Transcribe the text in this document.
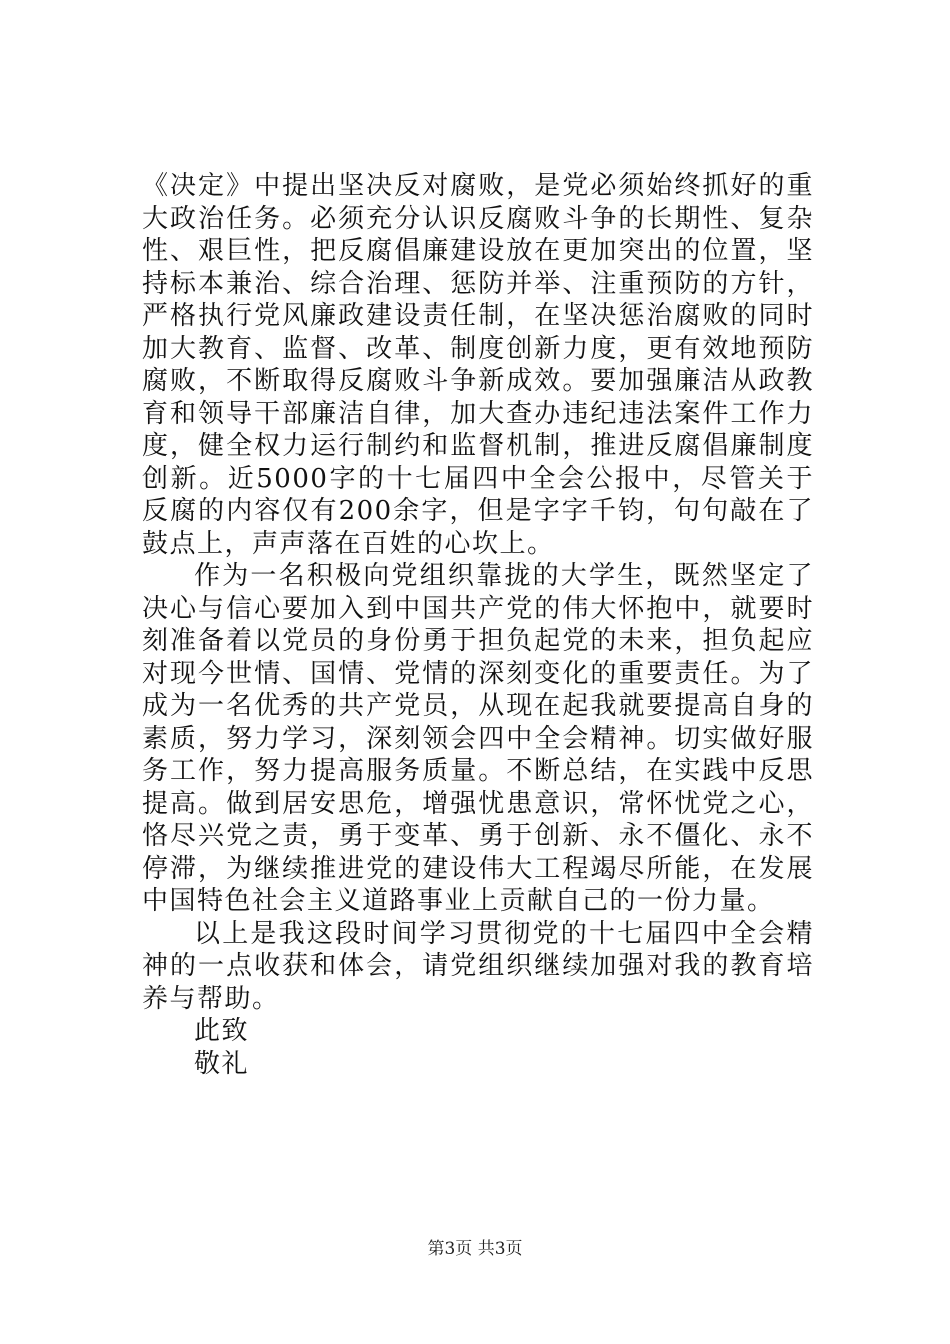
《决定》中提出坚决反对腐败，是党必须始终抓好的重大政治任务。必须充分认识反腐败斗争的长期性、复杂性、艰巨性，把反腐倡廉建设放在更加突出的位置，坚持标本兼治、综合治理、惩防并举、注重预防的方针，严格执行党风廉政建设责任制，在坚决惩治腐败的同时加大教育、监督、改革、制度创新力度，更有效地预防腐败，不断取得反腐败斗争新成效。要加强廉洁从政教育和领导干部廉洁自律，加大查办违纪违法案件工作力度，健全权力运行制约和监督机制，推进反腐倡廉制度创新。近5000字的十七届四中全会公报中，尽管关于反腐的内容仅有200余字，但是字字千钧，句句敲在了鼓点上，声声落在百姓的心坎上。

作为一名积极向党组织靠拢的大学生，既然坚定了决心与信心要加入到中国共产党的伟大怀抱中，就要时刻准备着以党员的身份勇于担负起党的未来，担负起应对现今世情、国情、党情的深刻变化的重要责任。为了成为一名优秀的共产党员，从现在起我就要提高自身的素质，努力学习，深刻领会四中全会精神。切实做好服务工作，努力提高服务质量。不断总结，在实践中反思提高。做到居安思危，增强忧患意识，常怀忧党之心，恪尽兴党之责，勇于变革、勇于创新、永不僵化、永不停滞，为继续推进党的建设伟大工程竭尽所能，在发展中国特色社会主义道路事业上贡献自己的一份力量。

以上是我这段时间学习贯彻党的十七届四中全会精神的一点收获和体会，请党组织继续加强对我的教育培养与帮助。

此致

敬礼

第3页 共3页
